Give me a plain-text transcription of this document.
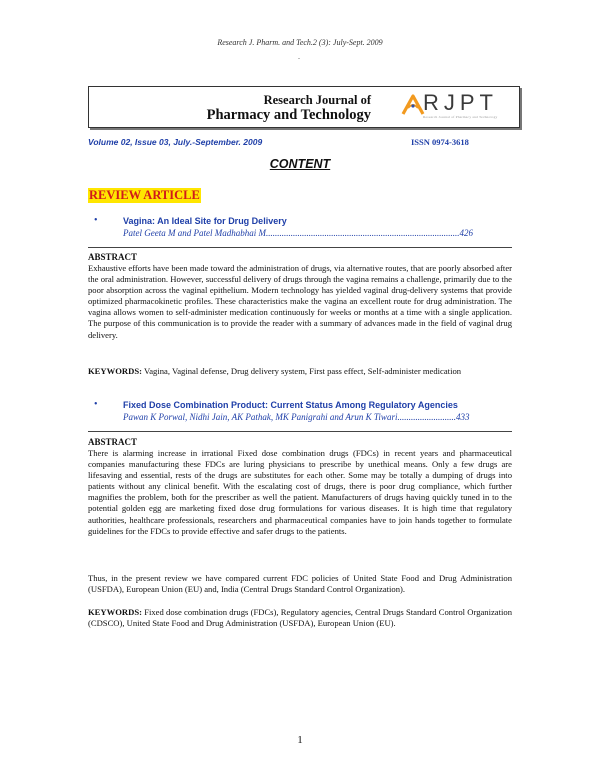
Research J. Pharm. and Tech.2 (3): July-Sept. 2009
.
Research Journal of
Pharmacy and Technology RJPT
Research Journal of Pharmacy and Technology
Volume 02, Issue 03, July.-September. 2009	ISSN 0974-3618
CONTENT
REVIEW ARTICLE
•	Vagina: An Ideal Site for Drug Delivery
Patel Geeta M and Patel Madhabhai M......................................................................................426
ABSTRACT
Exhaustive efforts have been made toward the administration of drugs, via alternative routes, that are poorly absorbed after the oral administration. However, successful delivery of drugs through the vagina remains a challenge, primarily due to the poor absorption across the vaginal epithelium. Modern technology has yielded vaginal drug-delivery systems that provide optimized pharmacokinetic profiles. These characteristics make the vagina an excellent route for drug administration. The vagina allows women to self-administer medication continuously for weeks or months at a time with a single application. The purpose of this communication is to provide the reader with a summary of advances made in the field of vaginal drug delivery.
KEYWORDS: Vagina, Vaginal defense, Drug delivery system, First pass effect, Self-administer medication
•	Fixed Dose Combination Product: Current Status Among Regulatory Agencies
Pawan K Porwal, Nidhi Jain, AK Pathak, MK Panigrahi and Arun K Tiwari..........................433
ABSTRACT
There is alarming increase in irrational Fixed dose combination drugs (FDCs) in recent years and pharmaceutical companies manufacturing these FDCs are luring physicians to prescribe by unethical means. Only a few drugs are lifesaving and essential, rests of the drugs are substitutes for each other. Some may be totally a dumping of drugs into patients without any clinical benefit. With the escalating cost of drugs, there is poor drug compliance, which further magnifies the problem, both for the prescriber as well the patient. Manufacturers of drugs having quickly tuned in to the potential golden egg are marketing fixed dose drug formulations for various diseases. It is high time that regulatory authorities, healthcare professionals, researchers and pharmaceutical companies have to join hands together to formulate guidelines for the FDCs to provide effective and safer drugs to the patients.
Thus, in the present review we have compared current FDC policies of United State Food and Drug Administration (USFDA), European Union (EU) and, India (Central Drugs Standard Control Organization).
KEYWORDS: Fixed dose combination drugs (FDCs), Regulatory agencies, Central Drugs Standard Control Organization (CDSCO), United State Food and Drug Administration (USFDA), European Union (EU).
1
